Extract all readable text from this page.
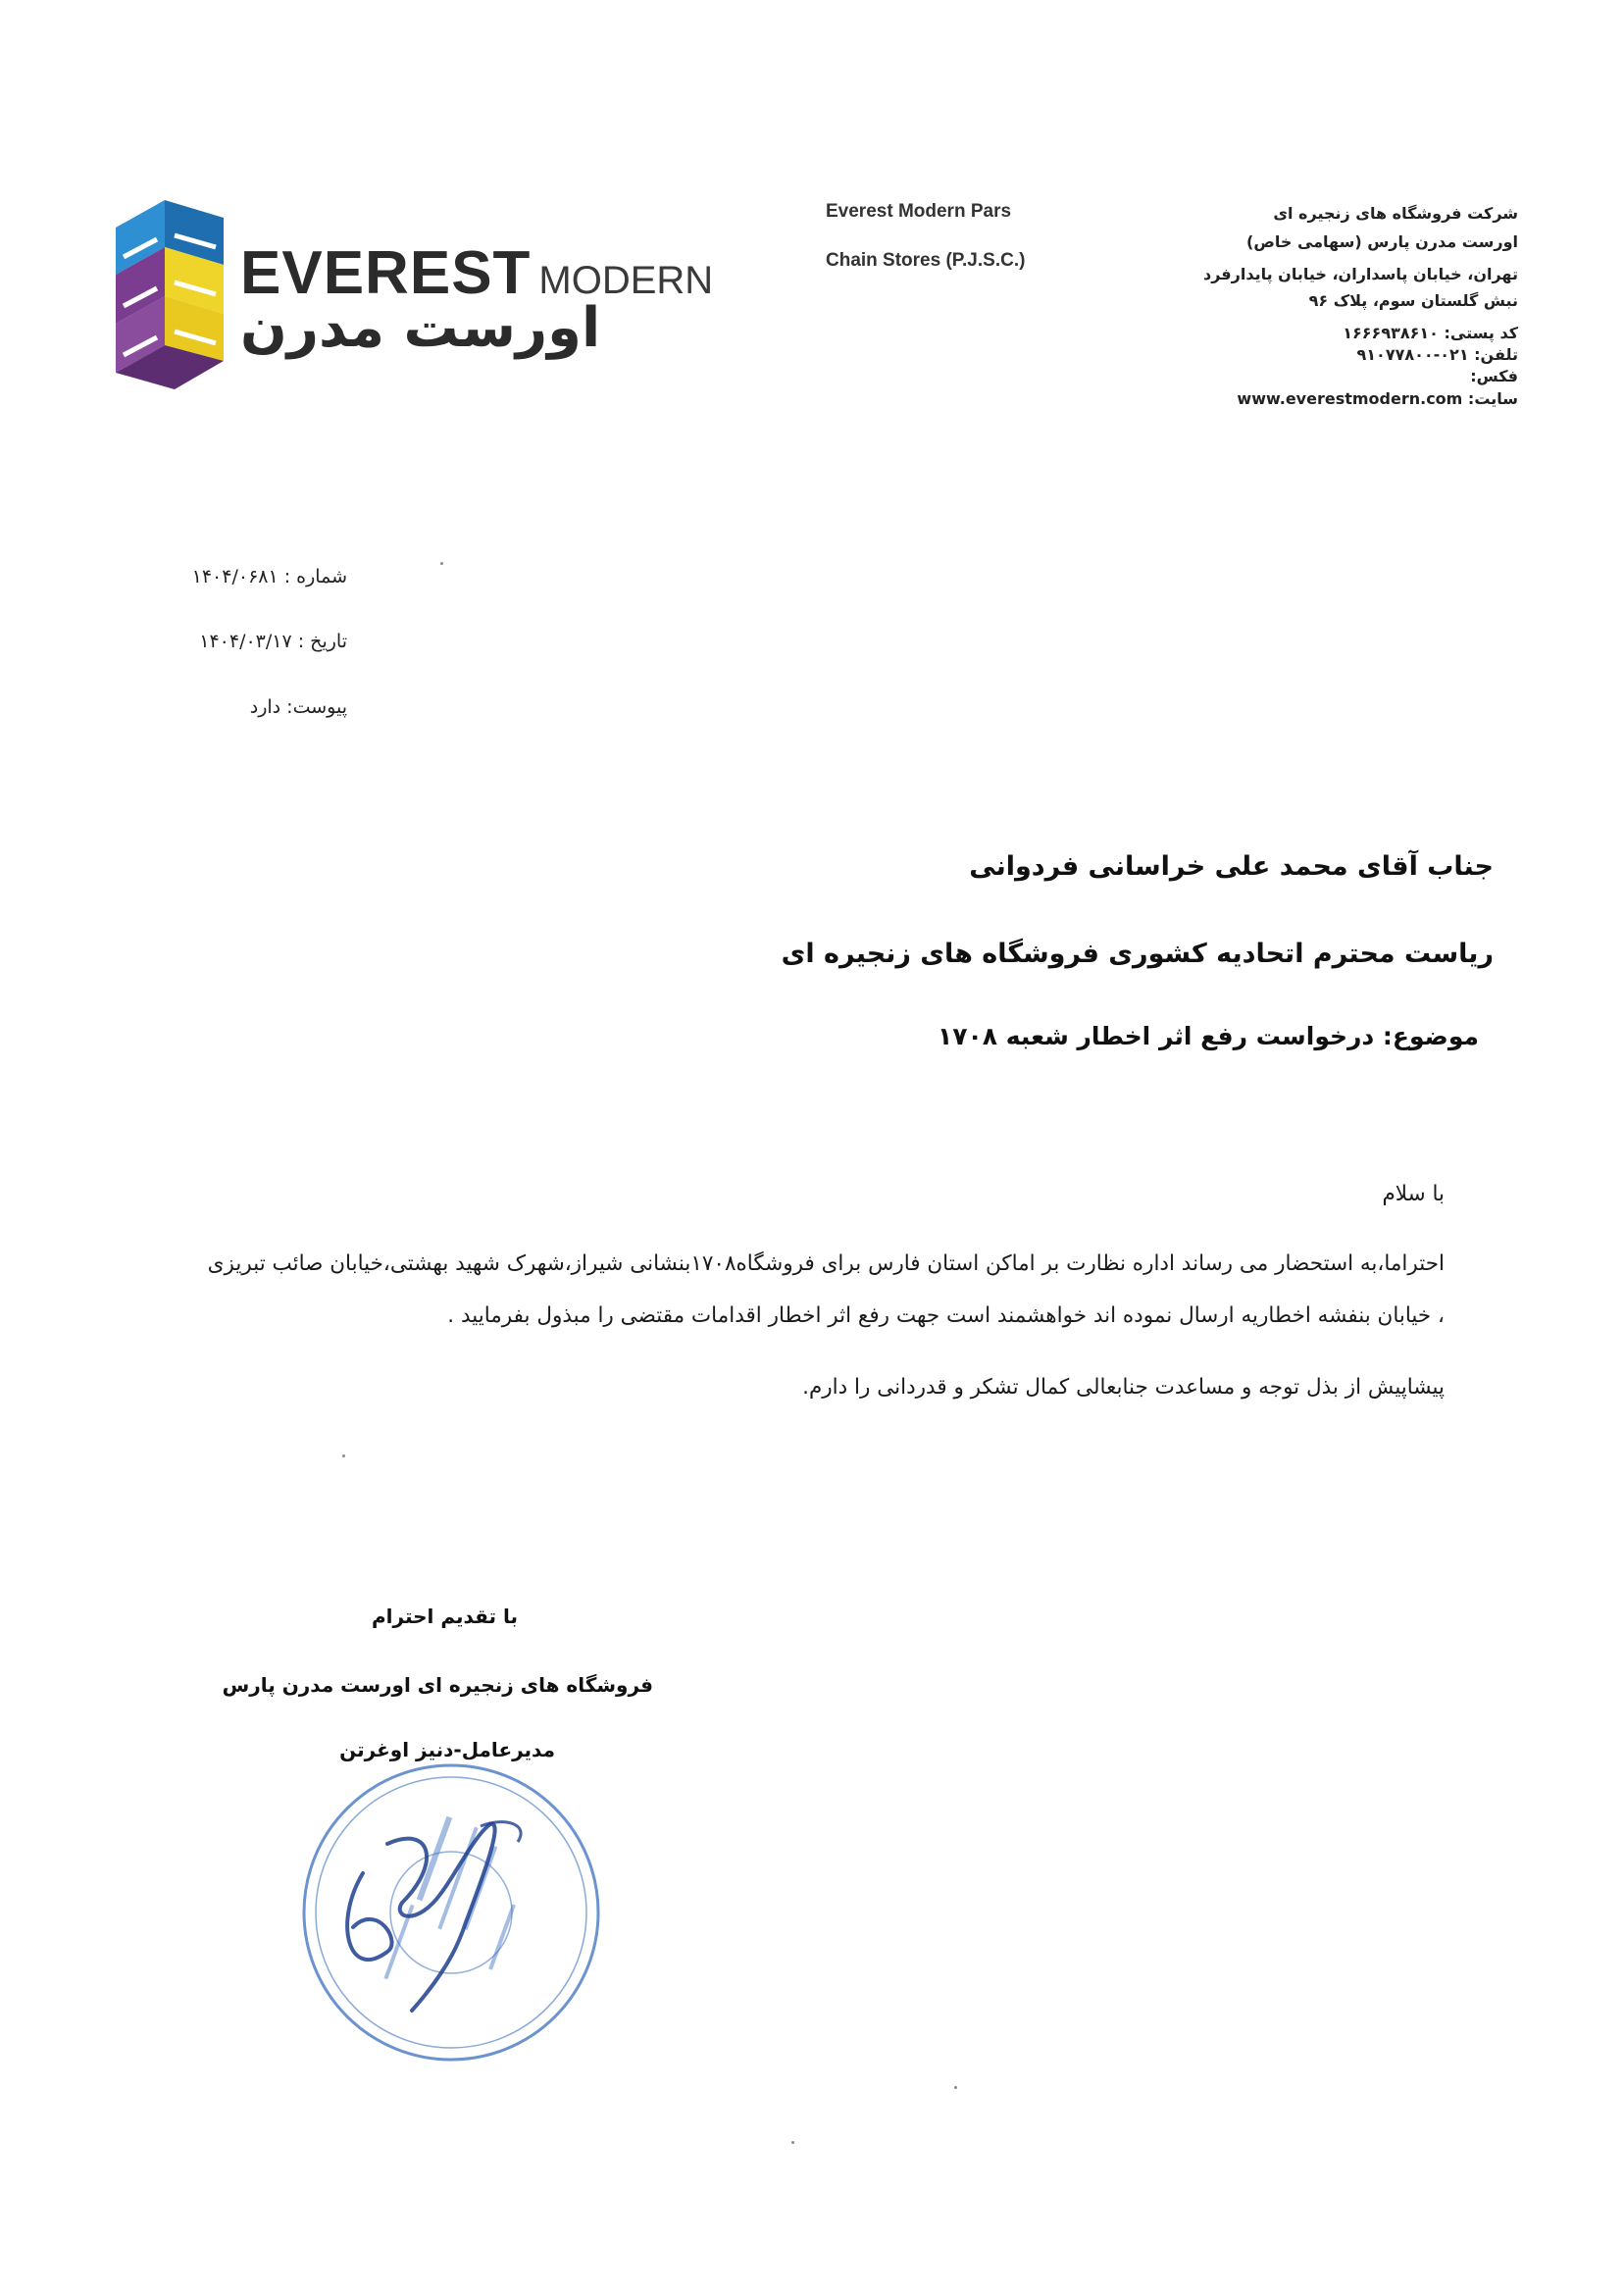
EVEREST MODERN
اورست مدرن
Everest Modern Pars
Chain Stores (P.J.S.C.)
شرکت فروشگاه های زنجیره ای
اورست مدرن پارس (سهامی خاص)
تهران، خیابان پاسداران، خیابان پایدارفرد
نبش گلستان سوم، پلاک ۹۶
کد پستی: ۱۶۶۶۹۳۸۶۱۰
تلفن: ۰۲۱-۹۱۰۷۷۸۰۰
فکس:
سایت: www.everestmodern.com
شماره : ۱۴۰۴/۰۶۸۱
تاریخ : ۱۴۰۴/۰۳/۱۷
پیوست: دارد
جناب آقای محمد علی خراسانی فردوانی
ریاست محترم اتحادیه کشوری فروشگاه های زنجیره ای
موضوع: درخواست رفع اثر اخطار شعبه ۱۷۰۸
با سلام
احتراما،به استحضار می رساند اداره نظارت بر اماکن استان فارس برای فروشگاه۱۷۰۸بنشانی شیراز،شهرک شهید بهشتی،خیابان صائب تبریزی
، خیابان بنفشه اخطاریه ارسال نموده اند خواهشمند است جهت رفع اثر اخطار اقدامات مقتضی را مبذول بفرمایید .
پیشاپیش از بذل توجه و مساعدت جنابعالی کمال تشکر و قدردانی را دارم.
با تقدیم احترام
فروشگاه های زنجیره ای اورست مدرن پارس
مدیرعامل-دنیز اوغرتن
